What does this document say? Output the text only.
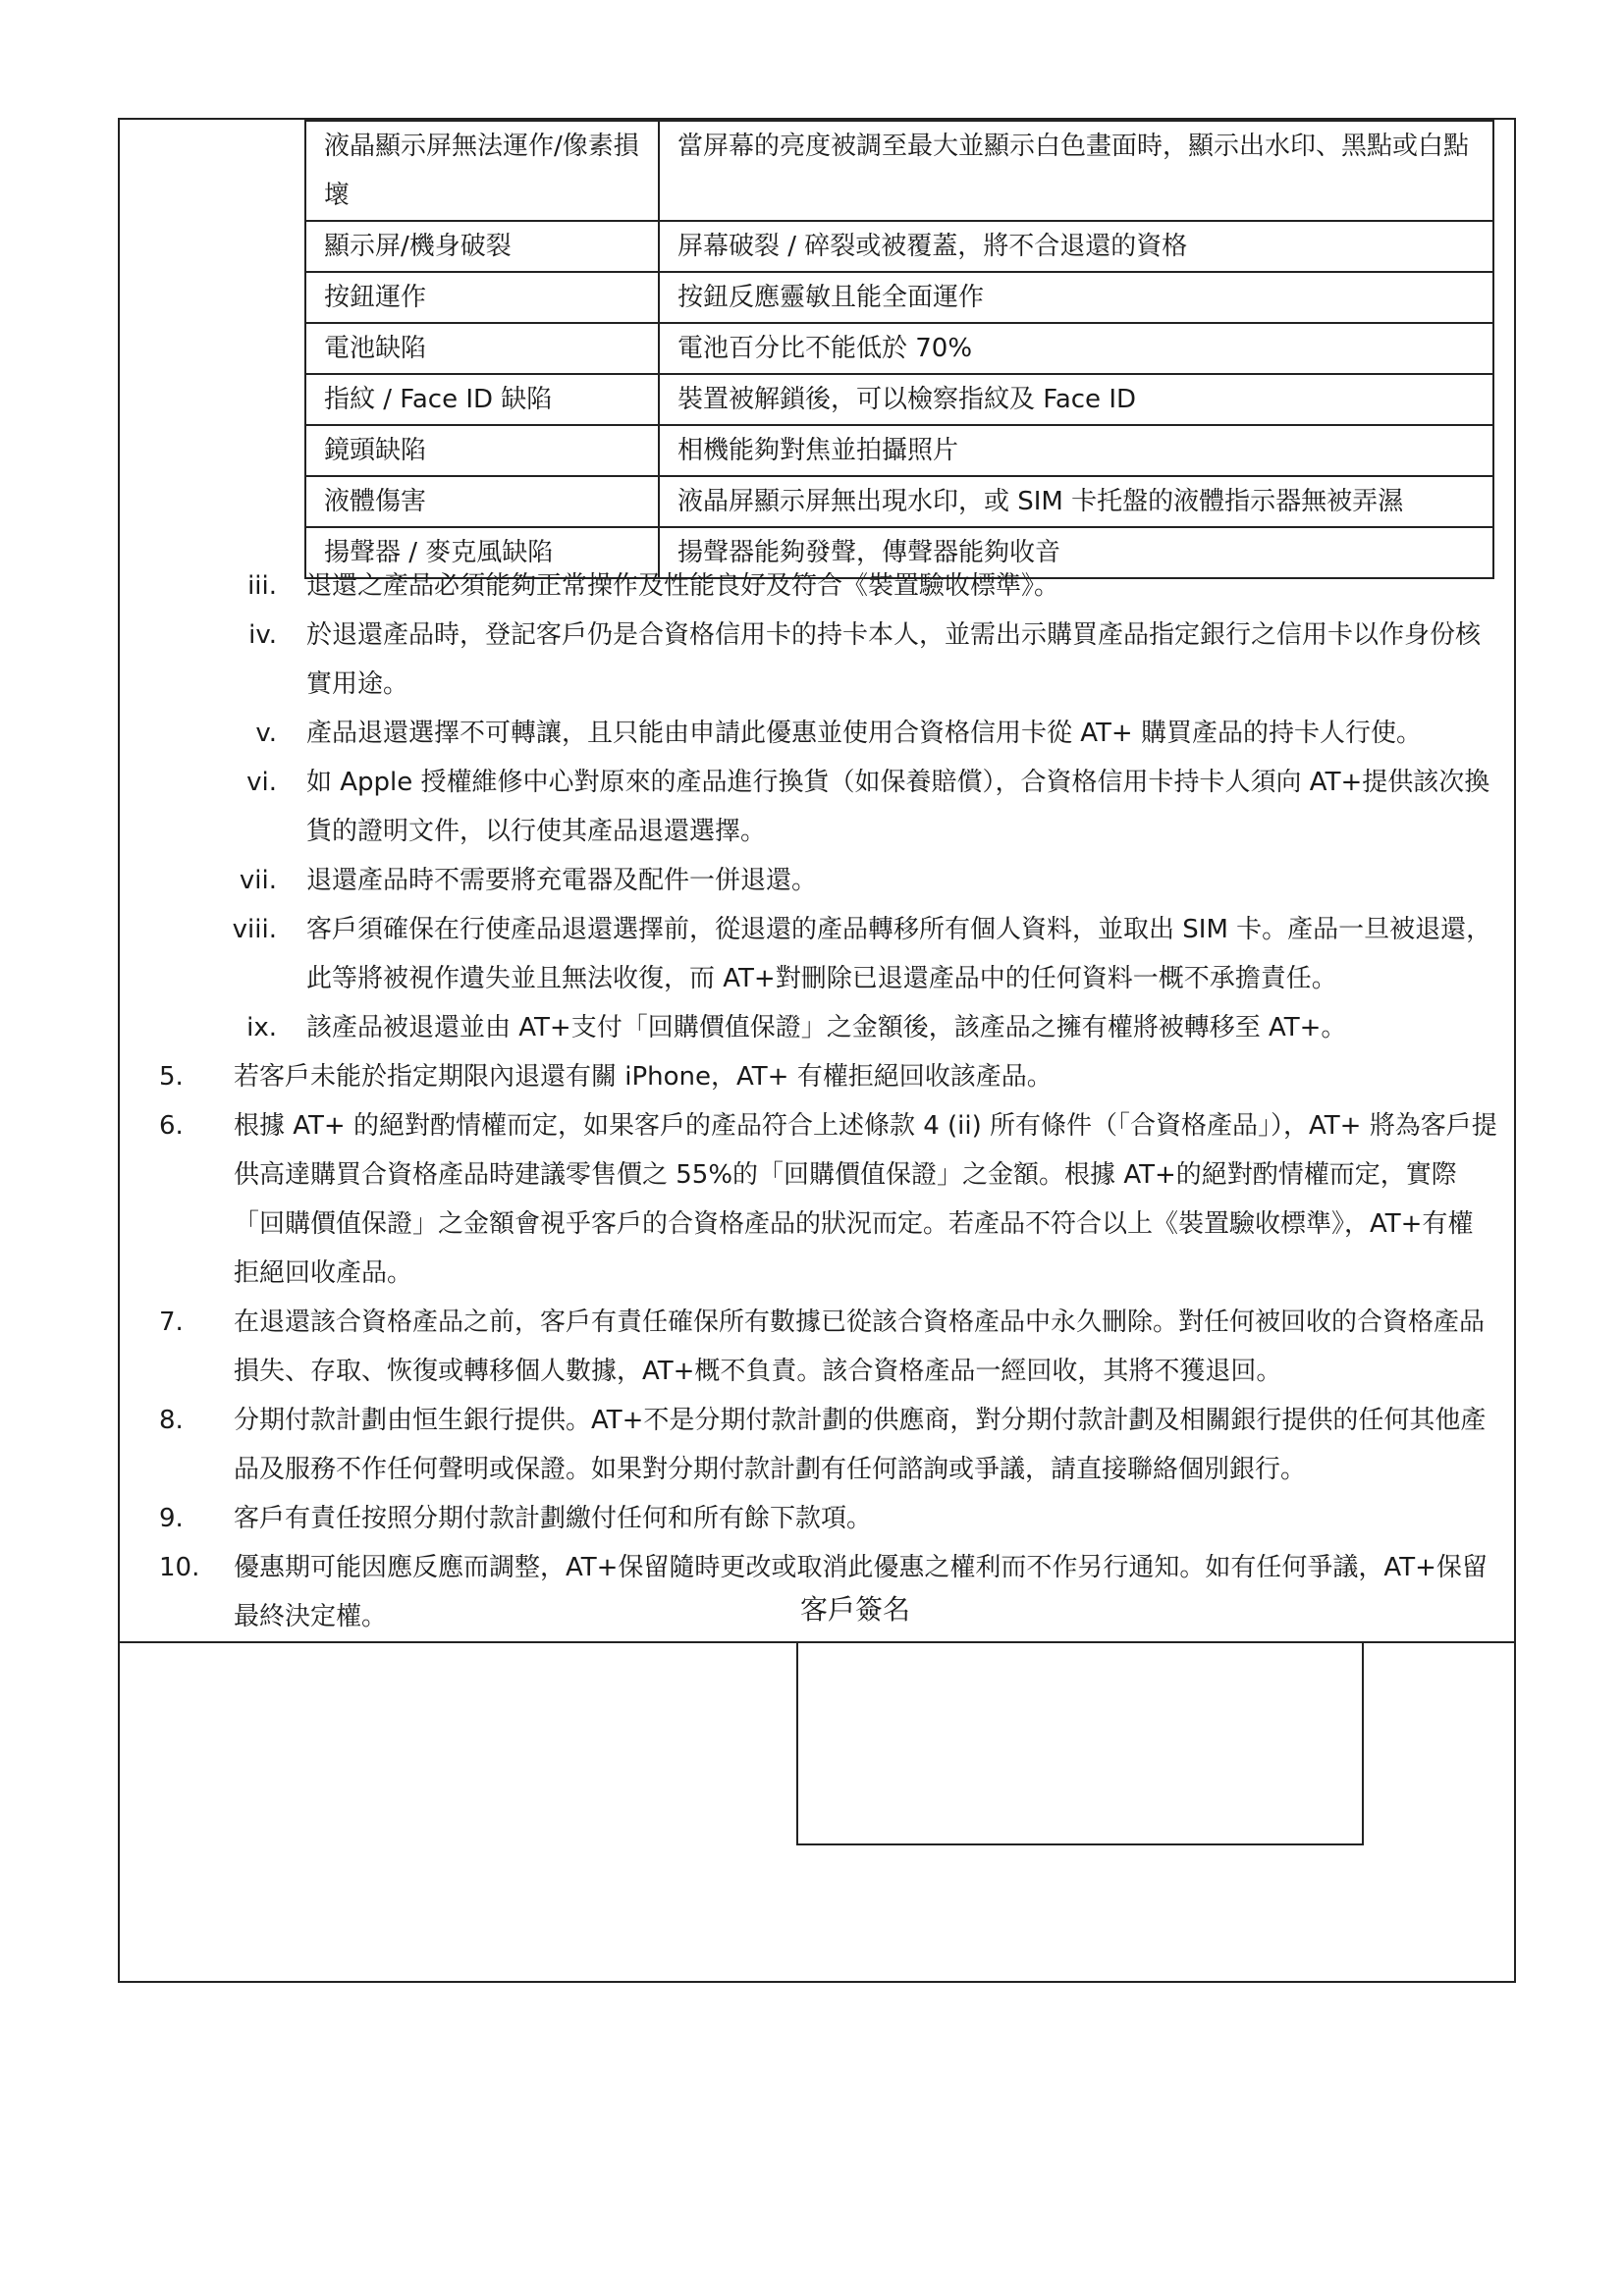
液晶顯示屏無法運作/像素損壞	當屏幕的亮度被調至最大並顯示白色畫面時，顯示出水印、黑點或白點
顯示屏/機身破裂	屏幕破裂 / 碎裂或被覆蓋，將不合退還的資格
按鈕運作	按鈕反應靈敏且能全面運作
電池缺陷	電池百分比不能低於 70%
指紋 / Face ID 缺陷	裝置被解鎖後，可以檢察指紋及 Face ID
鏡頭缺陷	相機能夠對焦並拍攝照片
液體傷害	液晶屏顯示屏無出現水印，或 SIM 卡托盤的液體指示器無被弄濕
揚聲器 / 麥克風缺陷	揚聲器能夠發聲，傳聲器能夠收音
iii. 退還之產品必須能夠正常操作及性能良好及符合《裝置驗收標準》。
iv. 於退還產品時，登記客戶仍是合資格信用卡的持卡本人，並需出示購買產品指定銀行之信用卡以作身份核實用途。
v. 產品退還選擇不可轉讓，且只能由申請此優惠並使用合資格信用卡從 AT+ 購買產品的持卡人行使。
vi. 如 Apple 授權維修中心對原來的產品進行換貨（如保養賠償），合資格信用卡持卡人須向 AT+提供該次換貨的證明文件，以行使其產品退還選擇。
vii. 退還產品時不需要將充電器及配件一併退還。
viii. 客戶須確保在行使產品退還選擇前，從退還的產品轉移所有個人資料，並取出 SIM 卡。產品一旦被退還，此等將被視作遺失並且無法收復，而 AT+對刪除已退還產品中的任何資料一概不承擔責任。
ix. 該產品被退還並由 AT+支付「回購價值保證」之金額後，該產品之擁有權將被轉移至 AT+。
5.	若客戶未能於指定期限內退還有關 iPhone，AT+ 有權拒絕回收該產品。
6.	根據 AT+ 的絕對酌情權而定，如果客戶的產品符合上述條款 4 (ii) 所有條件（「合資格產品」），AT+ 將為客戶提供高達購買合資格產品時建議零售價之 55%的「回購價值保證」之金額。根據 AT+的絕對酌情權而定，實際「回購價值保證」之金額會視乎客戶的合資格產品的狀況而定。若產品不符合以上《裝置驗收標準》，AT+有權拒絕回收產品。
7.	在退還該合資格產品之前，客戶有責任確保所有數據已從該合資格產品中永久刪除。對任何被回收的合資格產品損失、存取、恢復或轉移個人數據，AT+概不負責。該合資格產品一經回收，其將不獲退回。
8.	分期付款計劃由恒生銀行提供。AT+不是分期付款計劃的供應商，對分期付款計劃及相關銀行提供的任何其他產品及服務不作任何聲明或保證。如果對分期付款計劃有任何諮詢或爭議，請直接聯絡個別銀行。
9.	客戶有責任按照分期付款計劃繳付任何和所有餘下款項。
10.	優惠期可能因應反應而調整，AT+保留隨時更改或取消此優惠之權利而不作另行通知。如有任何爭議，AT+保留最終決定權。	客戶簽名
